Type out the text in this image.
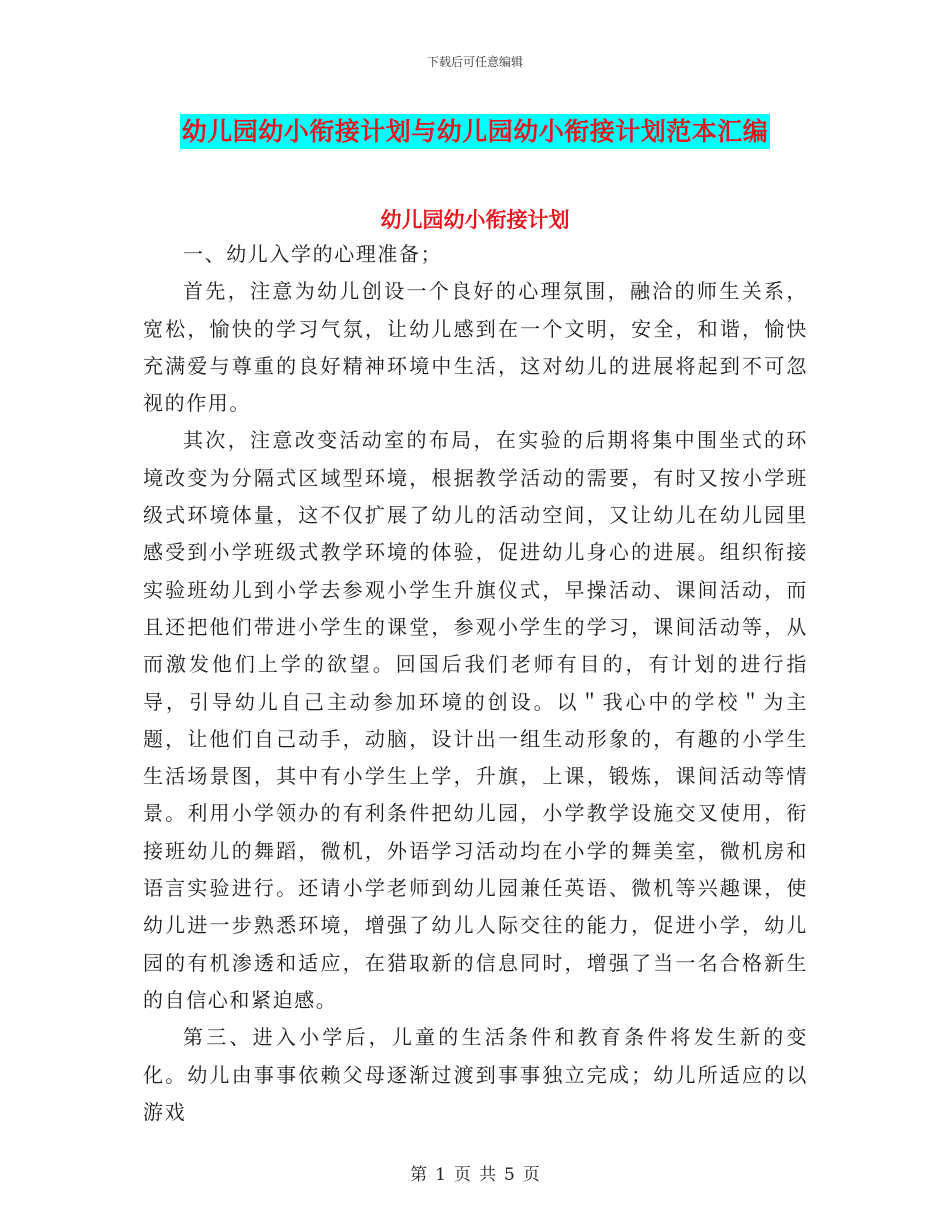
下载后可任意编辑
幼儿园幼小衔接计划与幼儿园幼小衔接计划范本汇编
幼儿园幼小衔接计划

一、幼儿入学的心理准备；

首先，注意为幼儿创设一个良好的心理氛围，融洽的师生关系，宽松，愉快的学习气氛，让幼儿感到在一个文明，安全，和谐，愉快充满爱与尊重的良好精神环境中生活，这对幼儿的进展将起到不可忽视的作用。

其次，注意改变活动室的布局，在实验的后期将集中围坐式的环境改变为分隔式区域型环境，根据教学活动的需要，有时又按小学班级式环境体量，这不仅扩展了幼儿的活动空间，又让幼儿在幼儿园里感受到小学班级式教学环境的体验，促进幼儿身心的进展。组织衔接实验班幼儿到小学去参观小学生升旗仪式，早操活动、课间活动，而且还把他们带进小学生的课堂，参观小学生的学习，课间活动等，从而激发他们上学的欲望。回国后我们老师有目的，有计划的进行指导，引导幼儿自己主动参加环境的创设。以＂我心中的学校＂为主题，让他们自己动手，动脑，设计出一组生动形象的，有趣的小学生生活场景图，其中有小学生上学，升旗，上课，锻炼，课间活动等情景。利用小学领办的有利条件把幼儿园，小学教学设施交叉使用，衔接班幼儿的舞蹈，微机，外语学习活动均在小学的舞美室，微机房和语言实验进行。还请小学老师到幼儿园兼任英语、微机等兴趣课，使幼儿进一步熟悉环境，增强了幼儿人际交往的能力，促进小学，幼儿园的有机渗透和适应，在猎取新的信息同时，增强了当一名合格新生的自信心和紧迫感。

第三、进入小学后，儿童的生活条件和教育条件将发生新的变化。幼儿由事事依赖父母逐渐过渡到事事独立完成；幼儿所适应的以游戏

第 1 页 共 5 页
